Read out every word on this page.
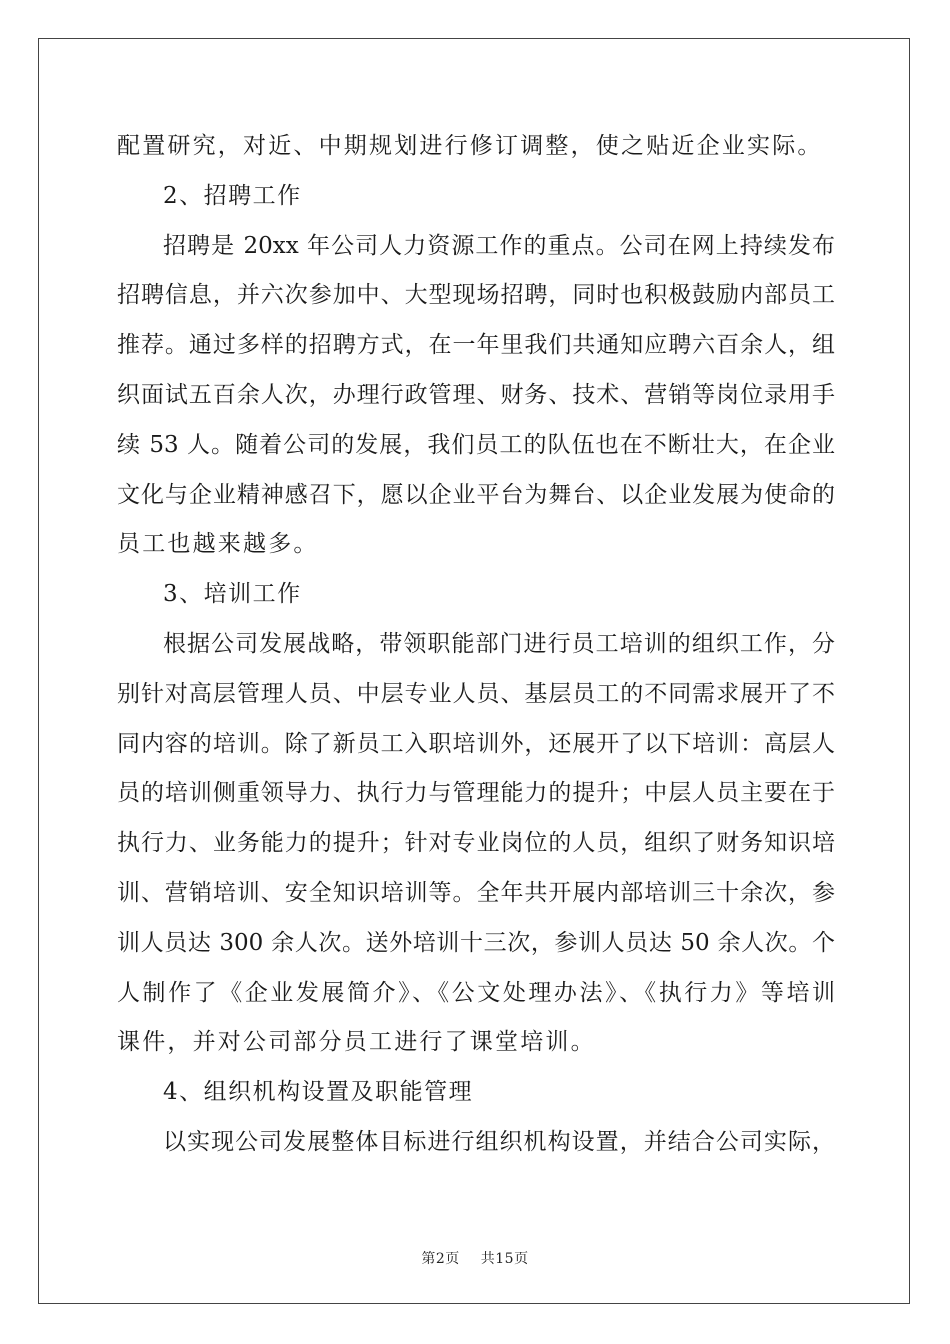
配置研究，对近、中期规划进行修订调整，使之贴近企业实际。
2、招聘工作
招聘是 20xx 年公司人力资源工作的重点。公司在网上持续发布
招聘信息，并六次参加中、大型现场招聘，同时也积极鼓励内部员工
推荐。通过多样的招聘方式，在一年里我们共通知应聘六百余人，组
织面试五百余人次，办理行政管理、财务、技术、营销等岗位录用手
续 53 人。随着公司的发展，我们员工的队伍也在不断壮大，在企业
文化与企业精神感召下，愿以企业平台为舞台、以企业发展为使命的
员工也越来越多。
3、培训工作
根据公司发展战略，带领职能部门进行员工培训的组织工作，分
别针对高层管理人员、中层专业人员、基层员工的不同需求展开了不
同内容的培训。除了新员工入职培训外，还展开了以下培训：高层人
员的培训侧重领导力、执行力与管理能力的提升；中层人员主要在于
执行力、业务能力的提升；针对专业岗位的人员，组织了财务知识培
训、营销培训、安全知识培训等。全年共开展内部培训三十余次，参
训人员达 300 余人次。送外培训十三次，参训人员达 50 余人次。个
人制作了《企业发展简介》、《公文处理办法》、《执行力》等培训
课件，并对公司部分员工进行了课堂培训。
4、组织机构设置及职能管理
以实现公司发展整体目标进行组织机构设置，并结合公司实际，
第2页 共15页
